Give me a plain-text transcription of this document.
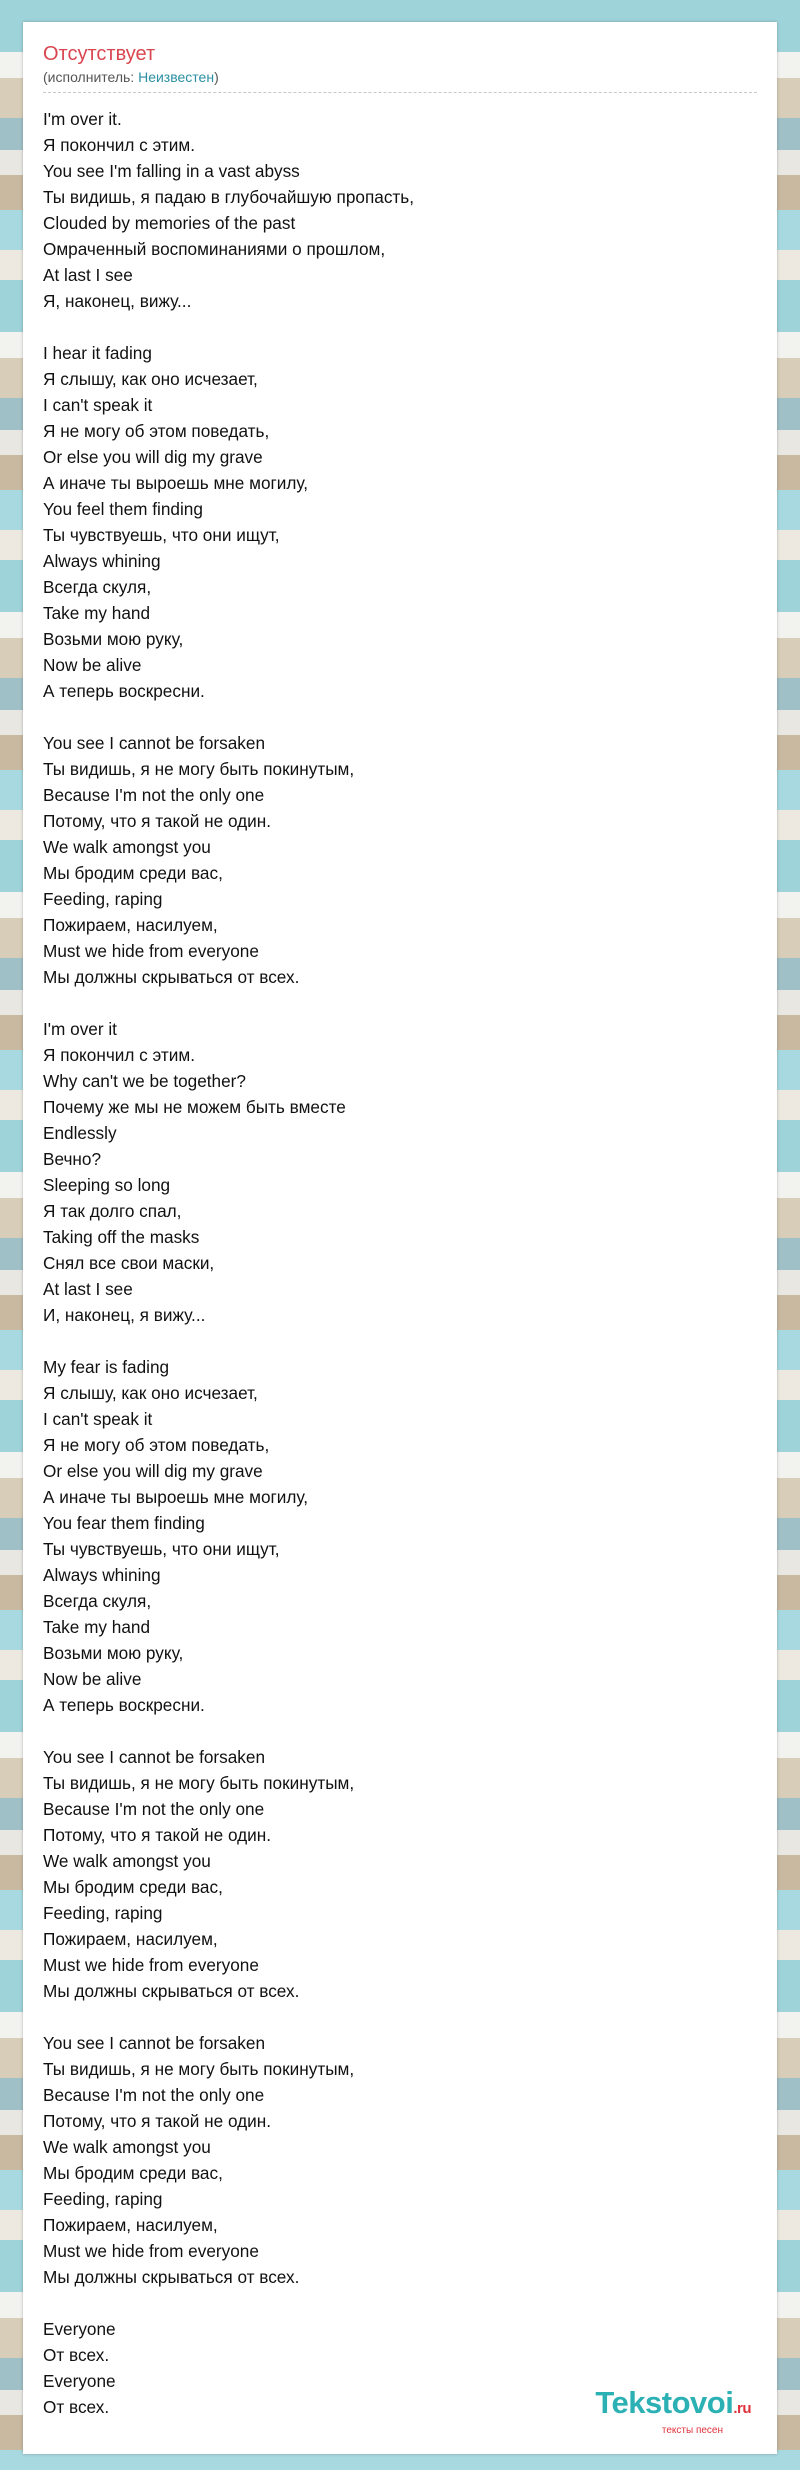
Отсутствует
(исполнитель: Неизвестен)
I'm over it.
Я покончил с этим.
You see I'm falling in a vast abyss
Ты видишь, я падаю в глубочайшую пропасть,
Clouded by memories of the past
Омраченный воспоминаниями о прошлом,
At last I see
Я, наконец, вижу...
I hear it fading
Я слышу, как оно исчезает,
I can't speak it
Я не могу об этом поведать,
Or else you will dig my grave
А иначе ты выроешь мне могилу,
You feel them finding
Ты чувствуешь, что они ищут,
Always whining
Всегда скуля,
Take my hand
Возьми мою руку,
Now be alive
А теперь воскресни.
You see I cannot be forsaken
Ты видишь, я не могу быть покинутым,
Because I'm not the only one
Потому, что я такой не один.
We walk amongst you
Мы бродим среди вас,
Feeding, raping
Пожираем, насилуем,
Must we hide from everyone
Мы должны скрываться от всех.
I'm over it
Я покончил с этим.
Why can't we be together?
Почему же мы не можем быть вместе
Endlessly
Вечно?
Sleeping so long
Я так долго спал,
Taking off the masks
Снял все свои маски,
At last I see
И, наконец, я вижу...
My fear is fading
Я слышу, как оно исчезает,
I can't speak it
Я не могу об этом поведать,
Or else you will dig my grave
А иначе ты выроешь мне могилу,
You fear them finding
Ты чувствуешь, что они ищут,
Always whining
Всегда скуля,
Take my hand
Возьми мою руку,
Now be alive
А теперь воскресни.
You see I cannot be forsaken
Ты видишь, я не могу быть покинутым,
Because I'm not the only one
Потому, что я такой не один.
We walk amongst you
Мы бродим среди вас,
Feeding, raping
Пожираем, насилуем,
Must we hide from everyone
Мы должны скрываться от всех.
You see I cannot be forsaken
Ты видишь, я не могу быть покинутым,
Because I'm not the only one
Потому, что я такой не один.
We walk amongst you
Мы бродим среди вас,
Feeding, raping
Пожираем, насилуем,
Must we hide from everyone
Мы должны скрываться от всех.
Everyone
От всех.
Everyone
От всех.	Tekstovoi.ru
тексты песен
